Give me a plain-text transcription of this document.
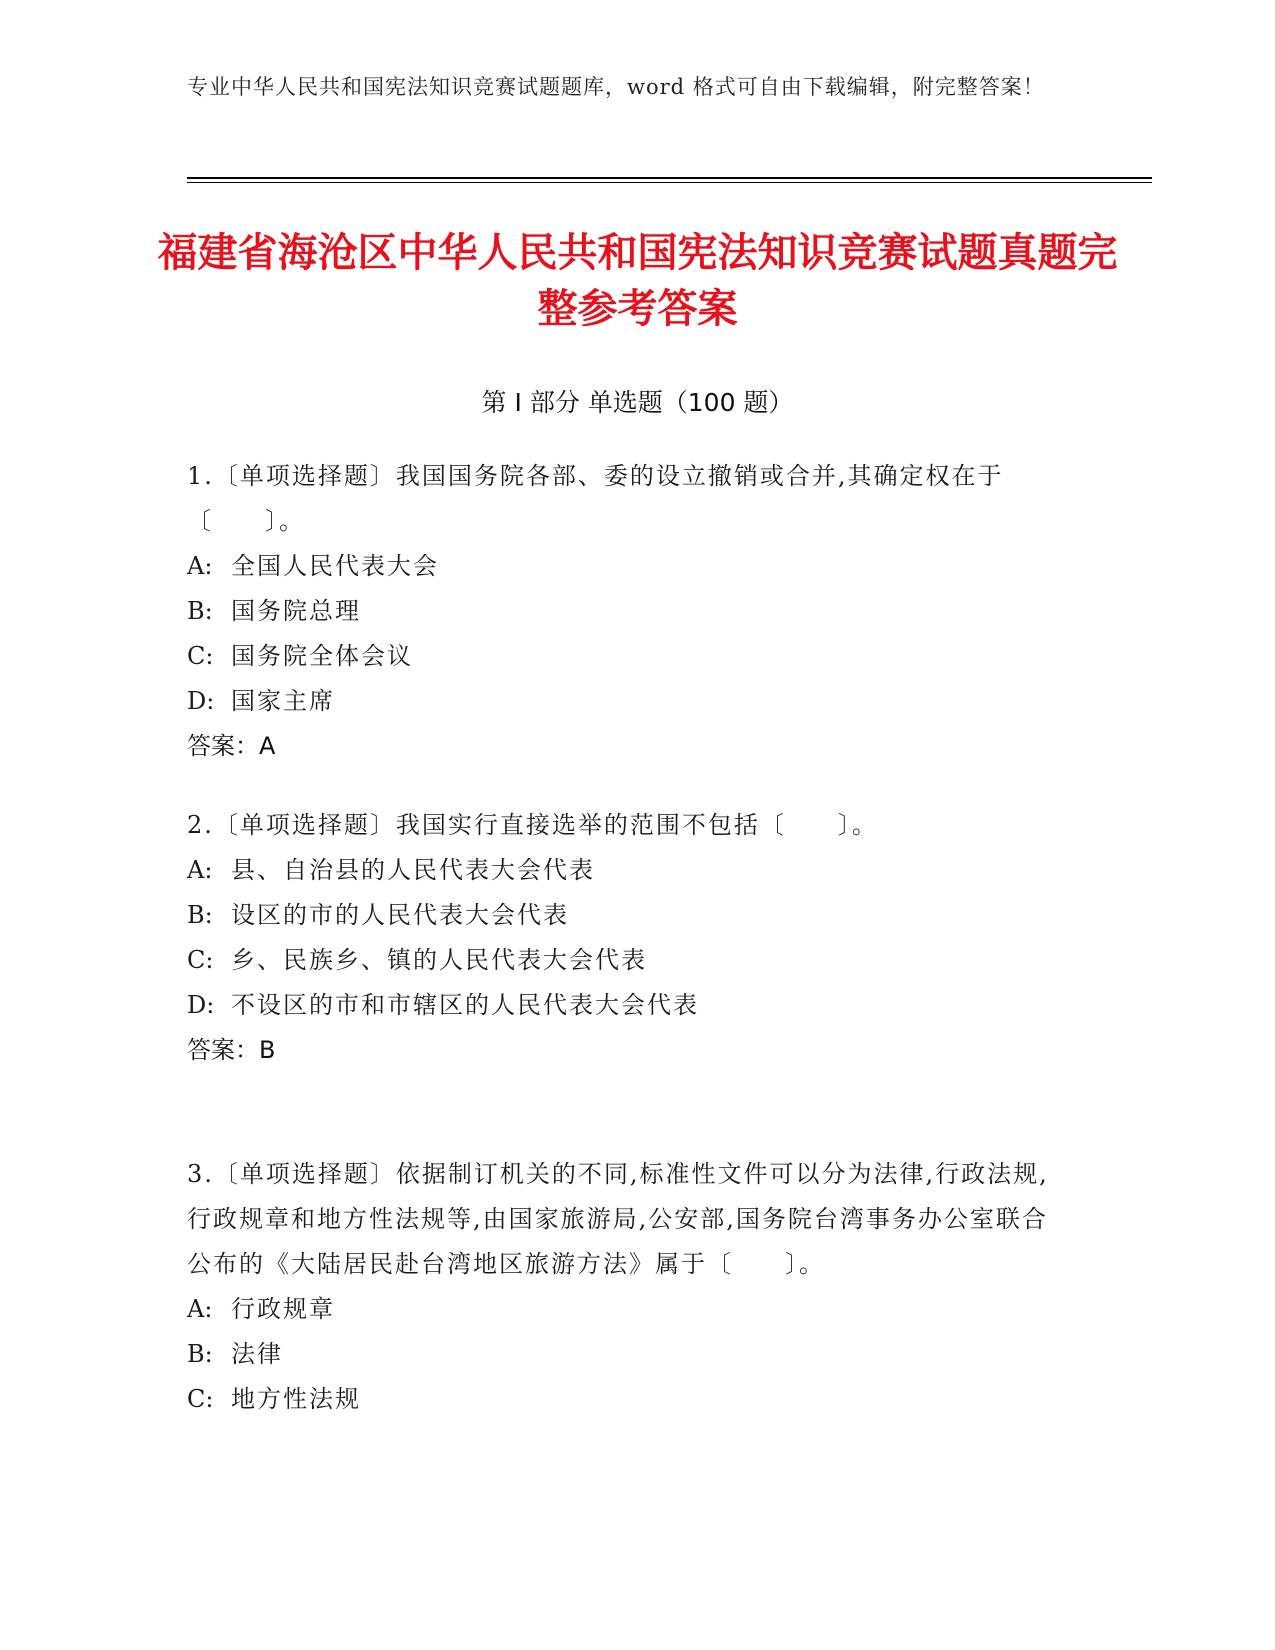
专业中华人民共和国宪法知识竞赛试题题库，word 格式可自由下载编辑，附完整答案！
福建省海沧区中华人民共和国宪法知识竞赛试题真题完整参考答案
第 I 部分 单选题（100 题）

1.〔单项选择题〕我国国务院各部、委的设立撤销或合并,其确定权在于〔　　〕。

A: 全国人民代表大会

B: 国务院总理

C: 国务院全体会议

D: 国家主席

答案：A

2.〔单项选择题〕我国实行直接选举的范围不包括〔　　〕。

A: 县、自治县的人民代表大会代表

B: 设区的市的人民代表大会代表

C: 乡、民族乡、镇的人民代表大会代表

D: 不设区的市和市辖区的人民代表大会代表

答案：B

3.〔单项选择题〕依据制订机关的不同,标准性文件可以分为法律,行政法规,行政规章和地方性法规等,由国家旅游局,公安部,国务院台湾事务办公室联合公布的《大陆居民赴台湾地区旅游方法》属于〔　　〕。

A: 行政规章

B: 法律

C: 地方性法规
